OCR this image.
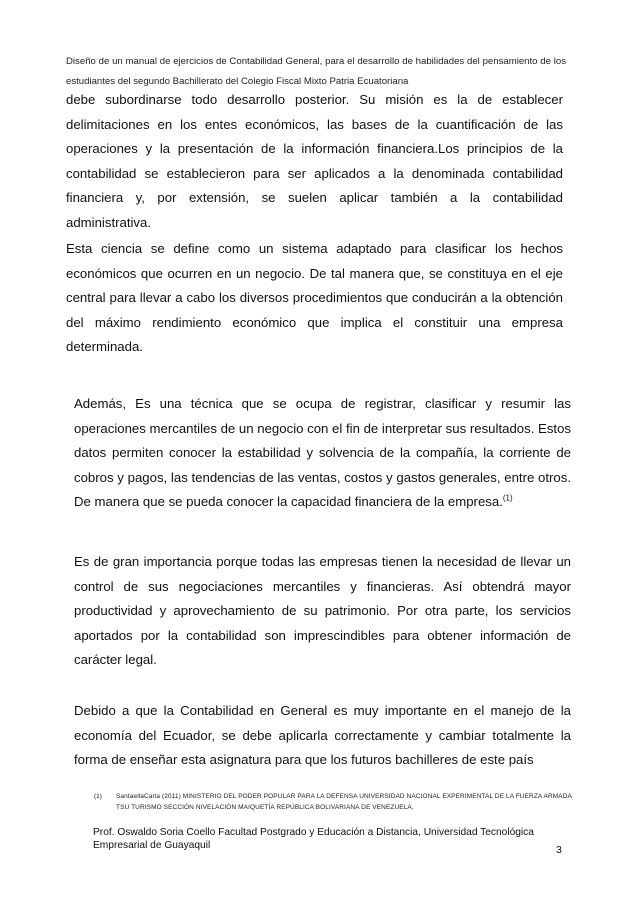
Diseño de un manual de ejercicios de Contabilidad General, para el desarrollo de habilidades del pensamiento de los
estudiantes del segundo Bachillerato del Colegio Fiscal Mixto Patria Ecuatoriana

debe subordinarse todo desarrollo posterior. Su misión es la de establecer delimitaciones en los entes económicos, las bases de la cuantificación de las operaciones y la presentación de la información financiera.Los principios de la contabilidad se establecieron para ser aplicados a la denominada contabilidad financiera y, por extensión, se suelen aplicar también a la contabilidad administrativa.

Esta ciencia se define como un sistema adaptado para clasificar los hechos económicos que ocurren en un negocio. De tal manera que, se constituya en el eje central para llevar a cabo los diversos procedimientos que conducirán a la obtención del máximo rendimiento económico que implica el constituir una empresa determinada.

Además, Es una técnica que se ocupa de registrar, clasificar y resumir las operaciones mercantiles de un negocio con el fin de interpretar sus resultados. Estos datos permiten conocer la estabilidad y solvencia de la compañía, la corriente de cobros y pagos, las tendencias de las ventas, costos y gastos generales, entre otros. De manera que se pueda conocer la capacidad financiera de la empresa.$^{(1)}$

Es de gran importancia porque todas las empresas tienen la necesidad de llevar un control de sus negociaciones mercantiles y financieras. Así obtendrá mayor productividad y aprovechamiento de su patrimonio. Por otra parte, los servicios aportados por la contabilidad son imprescindibles para obtener información de carácter legal.

Debido a que la Contabilidad en General es muy importante en el manejo de la economía del Ecuador, se debe aplicarla correctamente y cambiar totalmente la forma de enseñar esta asignatura para que los futuros bachilleres de este país

(1) SantaellaCarla (2011) MINISTERIO DEL PODER POPULAR PARA LA DEFENSA UNIVERSIDAD NACIONAL EXPERIMENTAL DE LA FUERZA ARMADA TSU TURISMO SECCIÓN NIVELACIÓN MAIQUETÍA REPÚBLICA BOLIVARIANA DE VENEZUELA,
Prof. Oswaldo Soria Coello Facultad Postgrado y Educación a Distancia, Universidad Tecnológica Empresarial de Guayaquil	3
